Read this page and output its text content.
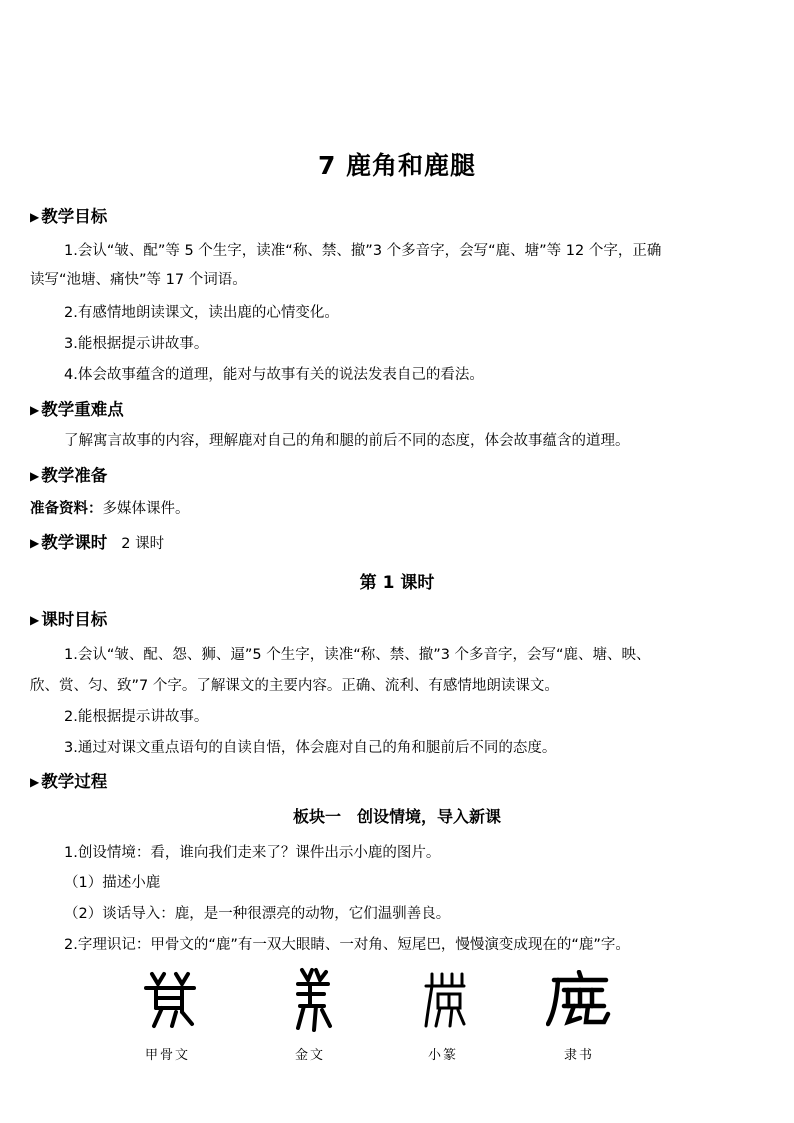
7 鹿角和鹿腿
▶ 教学目标
1.会认“皱、配”等 5 个生字，读准“称、禁、撤”3 个多音字，会写“鹿、塘”等 12 个字，正确
读写“池塘、痛快”等 17 个词语。
2.有感情地朗读课文，读出鹿的心情变化。
3.能根据提示讲故事。
4.体会故事蕴含的道理，能对与故事有关的说法发表自己的看法。
▶ 教学重难点
了解寓言故事的内容，理解鹿对自己的角和腿的前后不同的态度，体会故事蕴含的道理。
▶ 教学准备
准备资料：多媒体课件。
▶ 教学课时 2 课时
第 1 课时
▶ 课时目标
1.会认“皱、配、怨、狮、逼”5 个生字，读准“称、禁、撤”3 个多音字，会写“鹿、塘、映、
欣、赏、匀、致”7 个字。了解课文的主要内容。正确、流利、有感情地朗读课文。
2.能根据提示讲故事。
3.通过对课文重点语句的自读自悟，体会鹿对自己的角和腿前后不同的态度。
▶ 教学过程
板块一　创设情境，导入新课
1.创设情境：看，谁向我们走来了？课件出示小鹿的图片。
（1）描述小鹿
（2）谈话导入：鹿，是一种很漂亮的动物，它们温驯善良。
2.字理识记：甲骨文的“鹿”有一双大眼睛、一对角、短尾巴，慢慢演变成现在的“鹿”字。
甲骨文	金文	小篆	隶书
